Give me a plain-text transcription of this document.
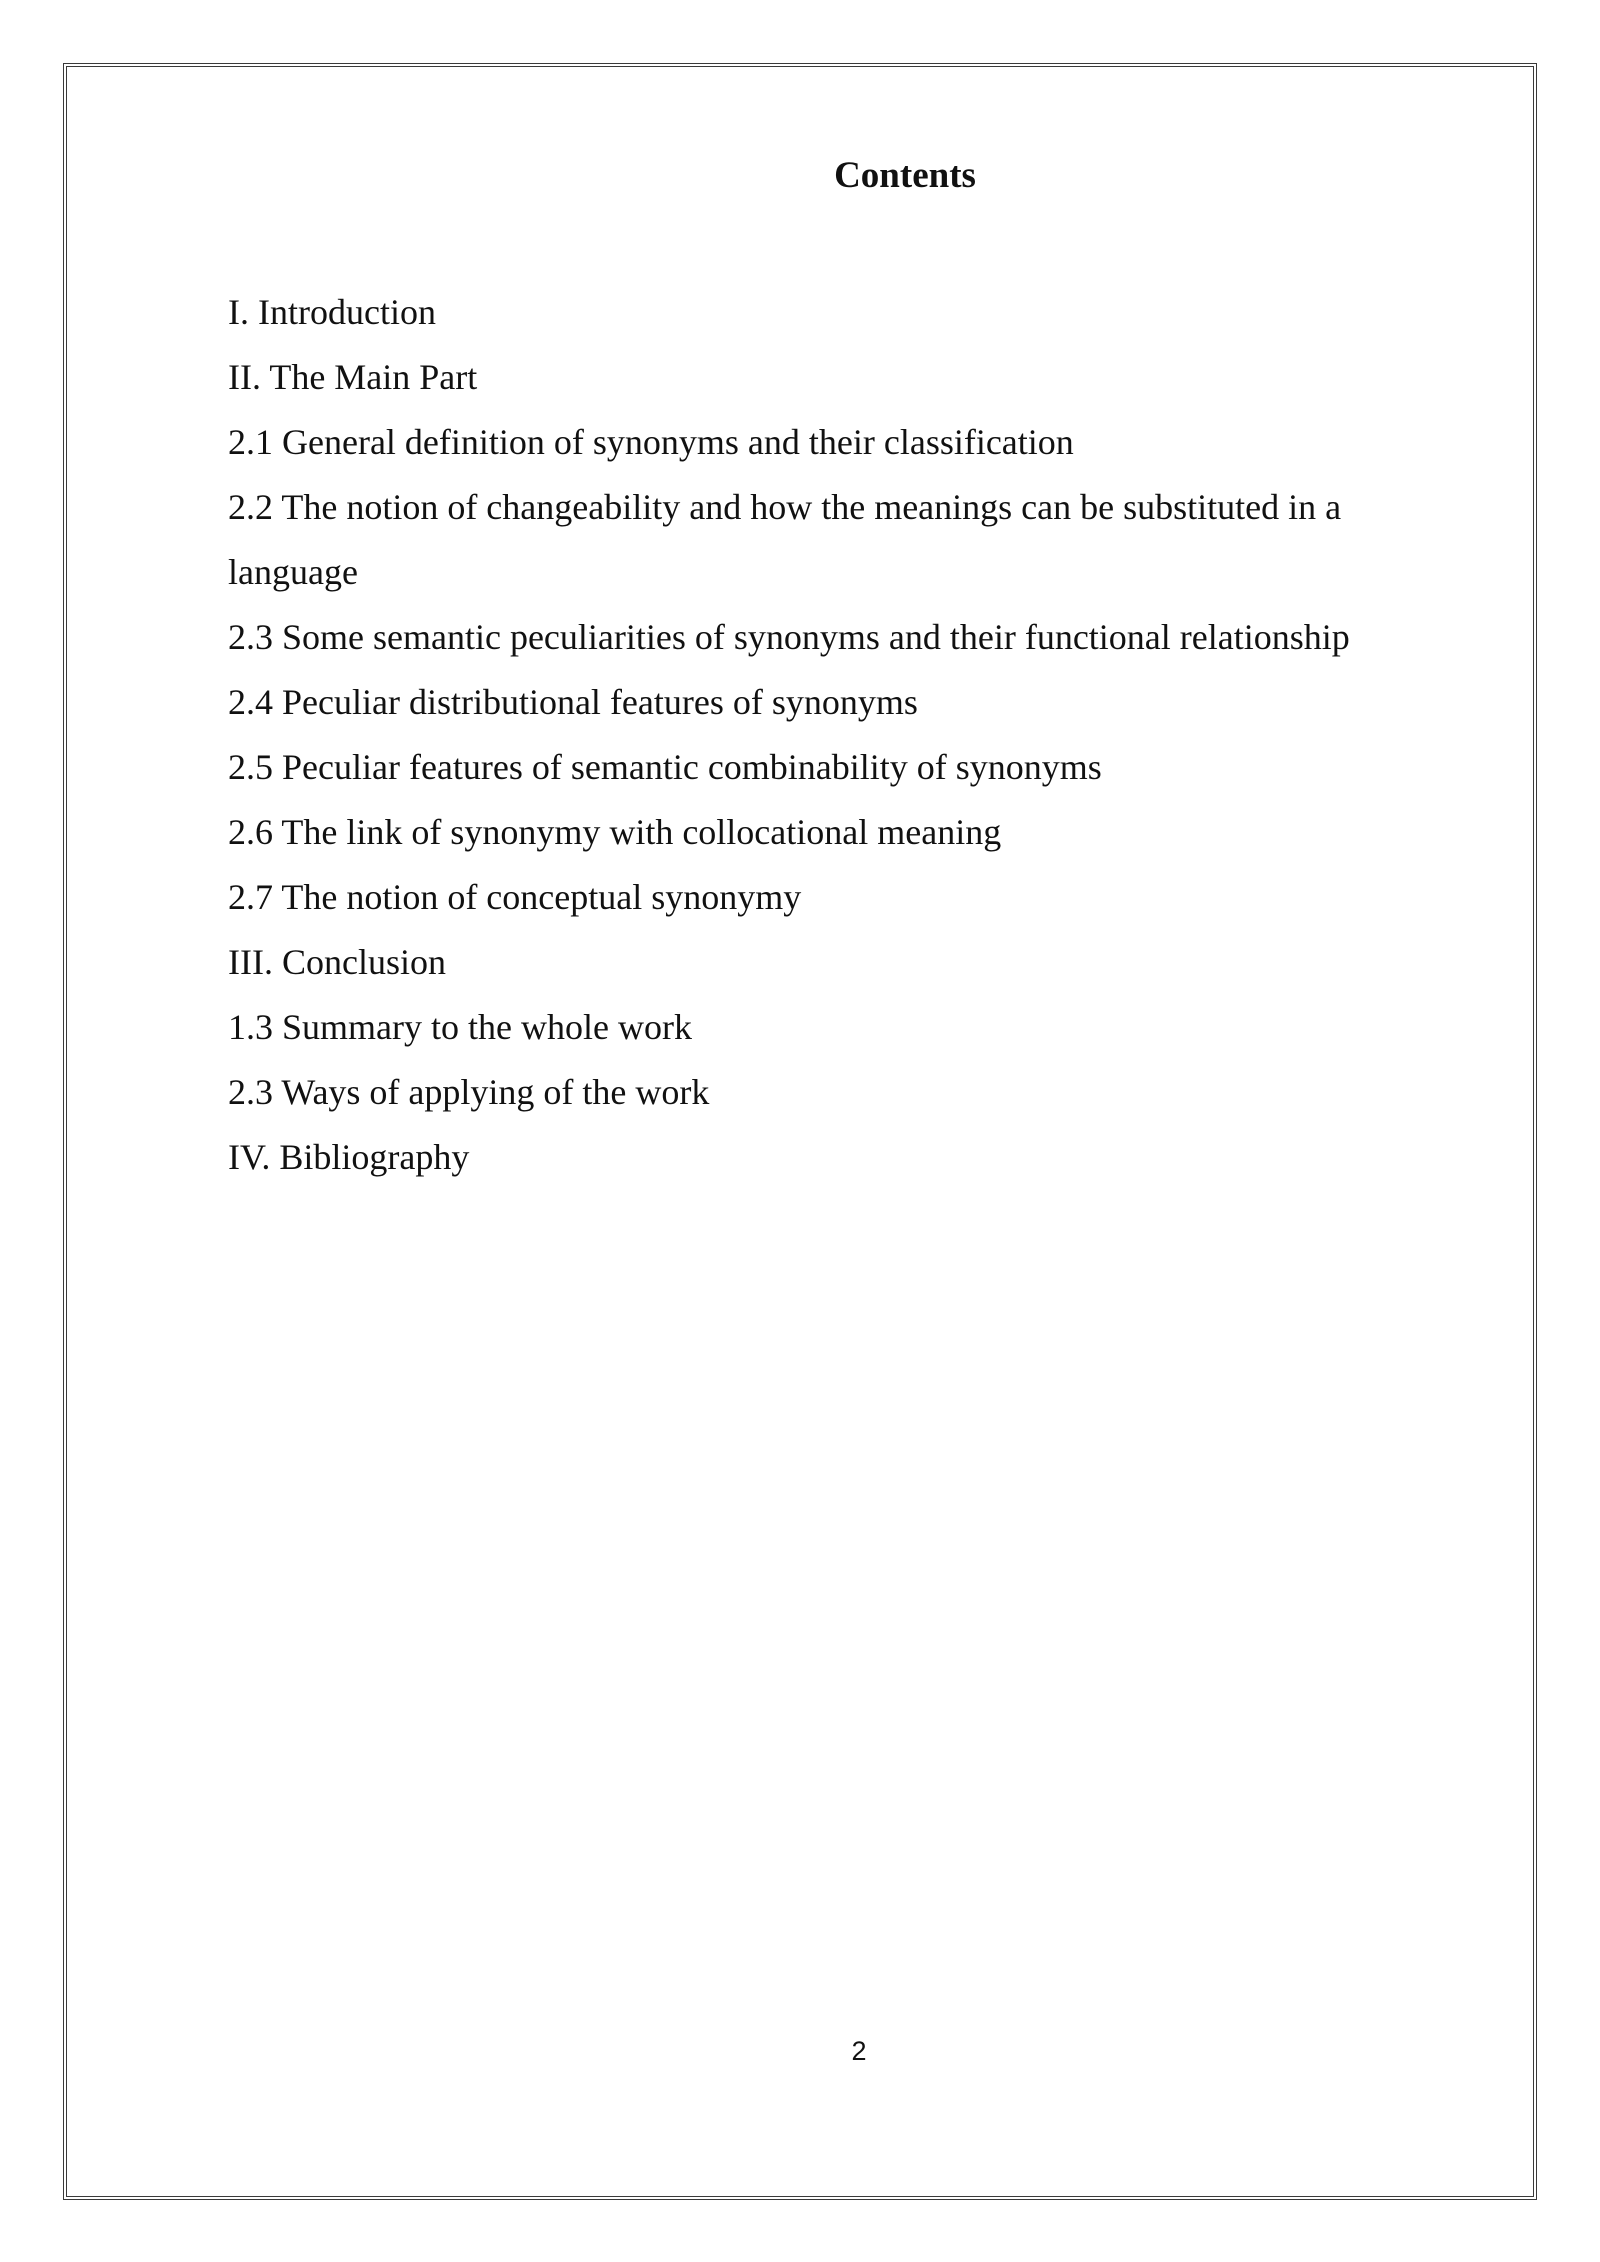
Contents
I. Introduction
II. The Main Part
2.1 General definition of synonyms and their classification
2.2 The notion of changeability and how the meanings can be substituted in a language
2.3 Some semantic peculiarities of synonyms and their functional relationship
2.4 Peculiar distributional features of synonyms
2.5 Peculiar features of semantic combinability of synonyms
2.6 The link of synonymy with collocational meaning
2.7 The notion of conceptual synonymy
III. Conclusion
1.3 Summary to the whole work
2.3 Ways of applying of the work
IV. Bibliography
2
